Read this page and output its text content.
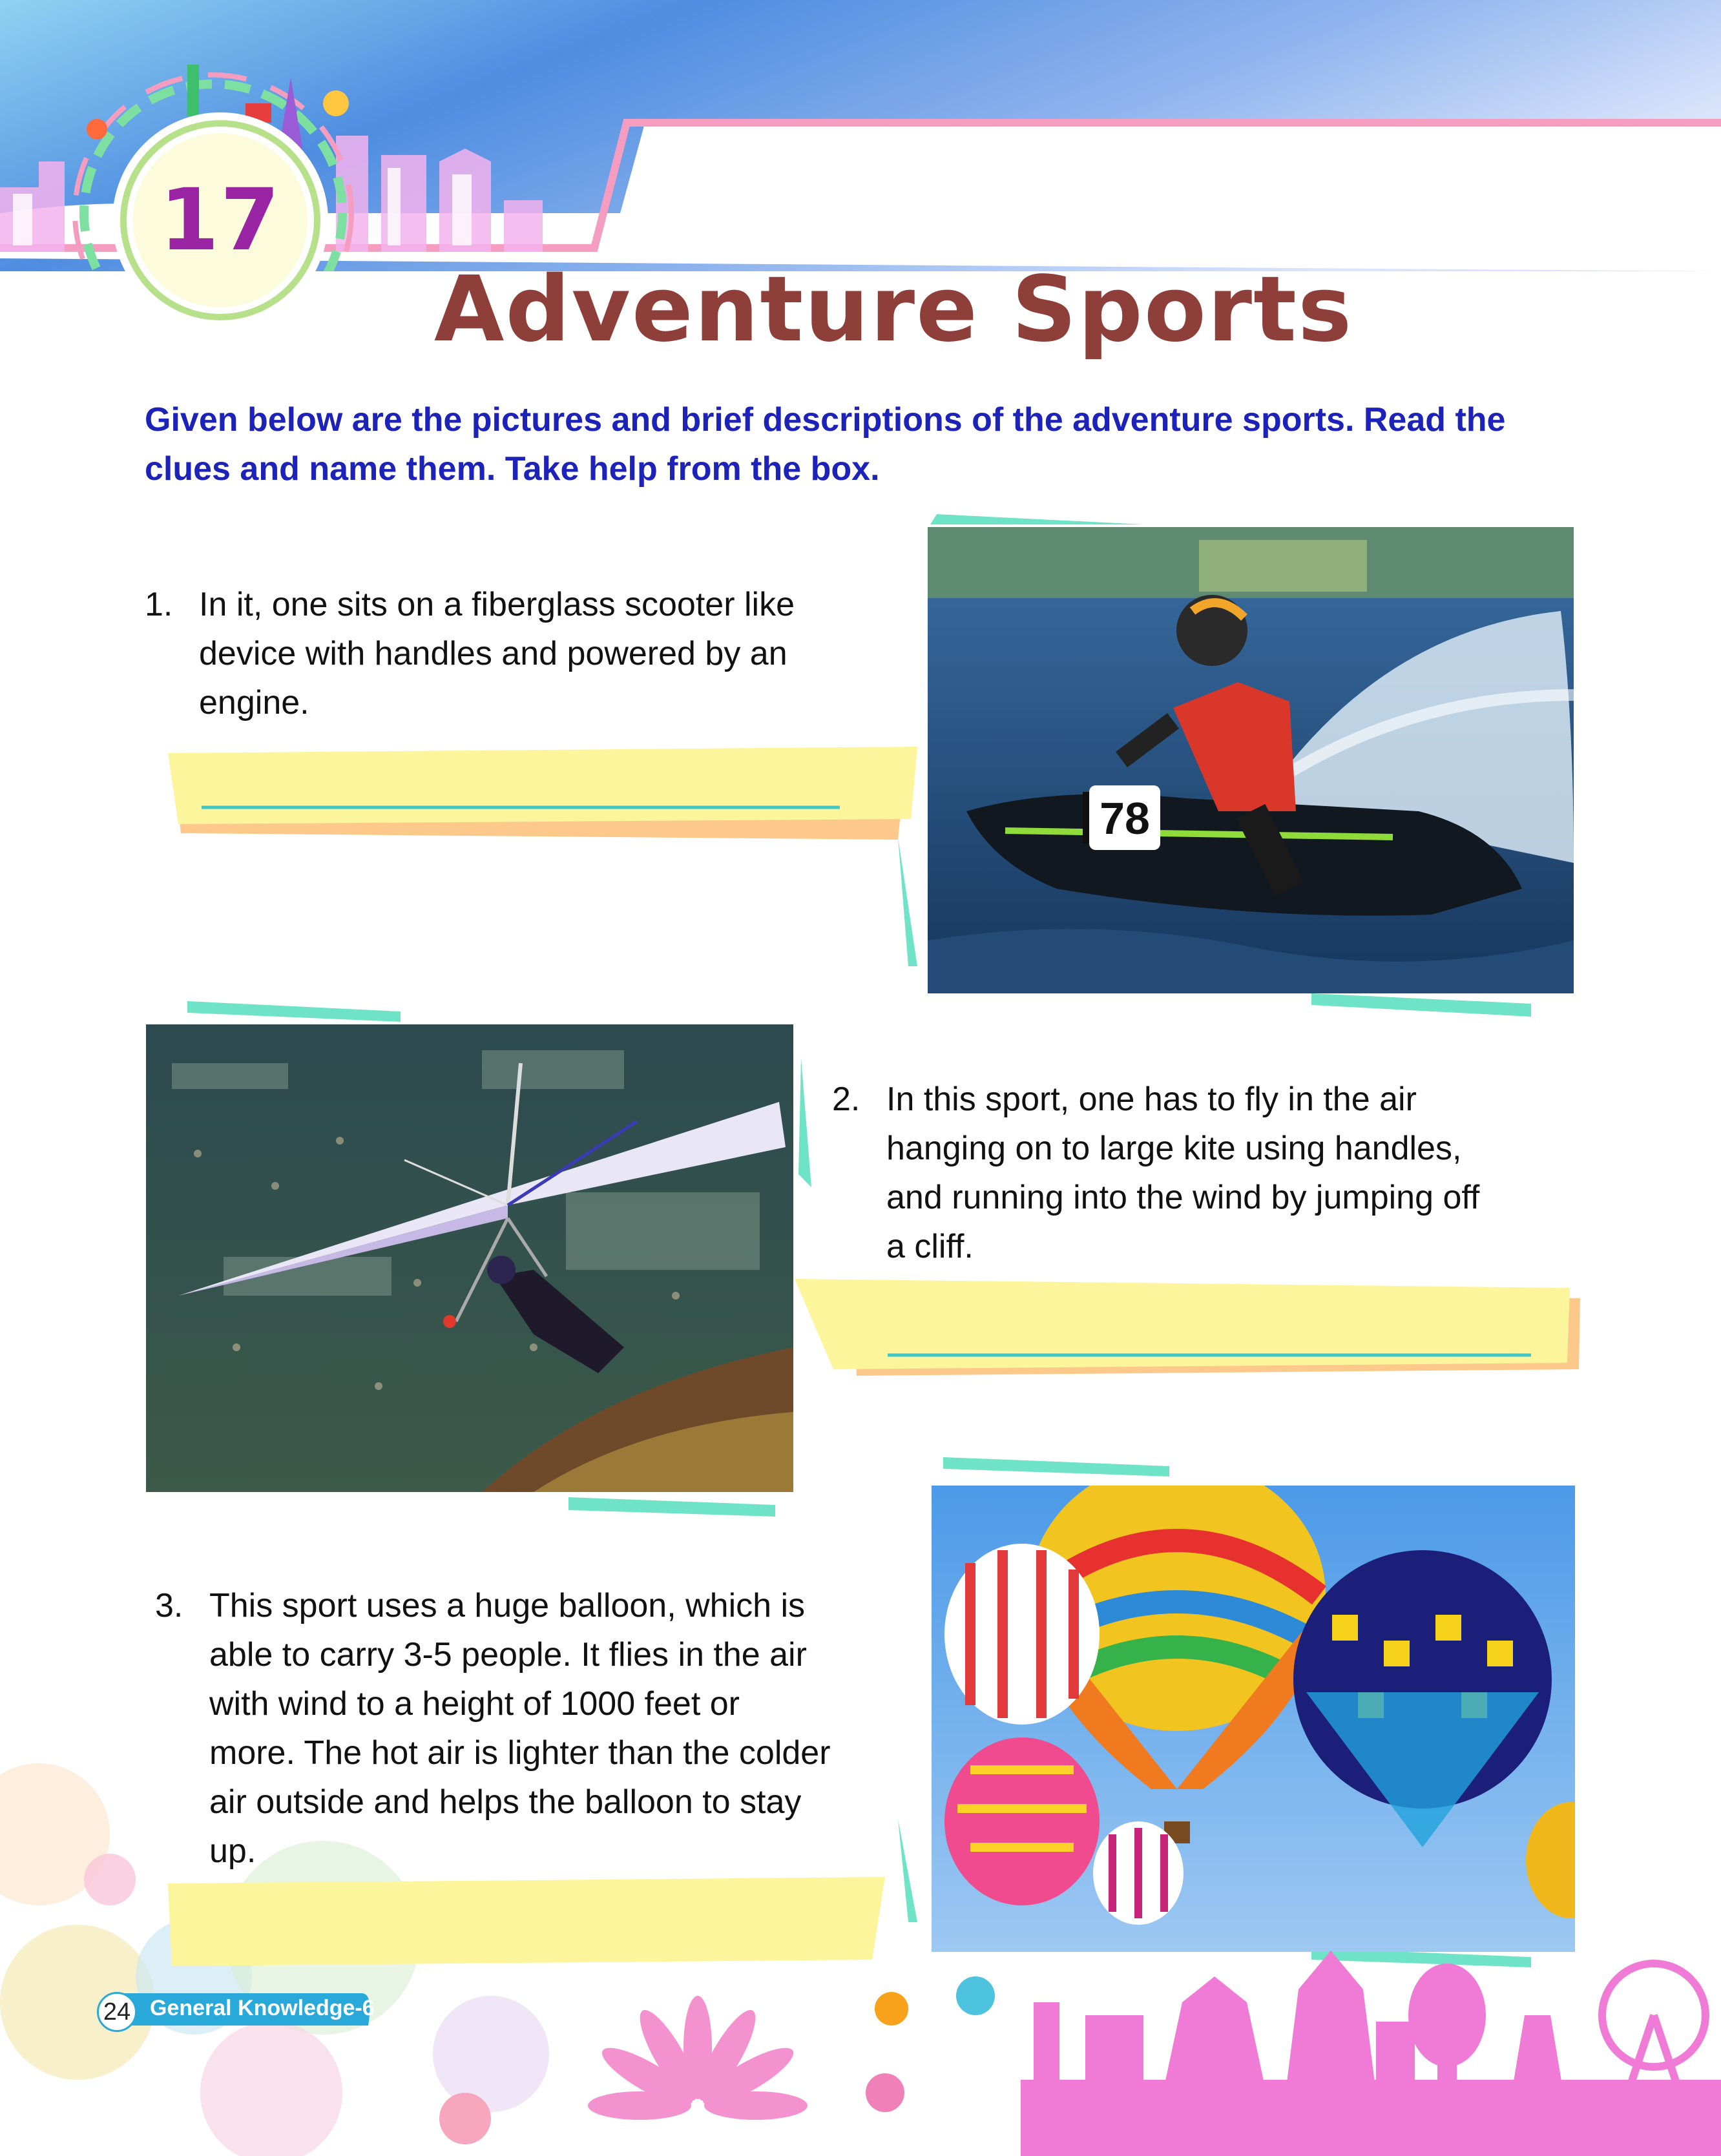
17
Adventure Sports
Given below are the pictures and brief descriptions of the adventure sports. Read the clues and name them. Take help from the box.
1. In it, one sits on a fiberglass scooter like
device with handles and powered by an
engine.
78
2. In this sport, one has to fly in the air
hanging on to large kite using handles,
and running into the wind by jumping off
a cliff.
3. This sport uses a huge balloon, which is
able to carry 3-5 people. It flies in the air
with wind to a height of 1000 feet or
more. The hot air is lighter than the colder
air outside and helps the balloon to stay
up.
24 General Knowledge-6
